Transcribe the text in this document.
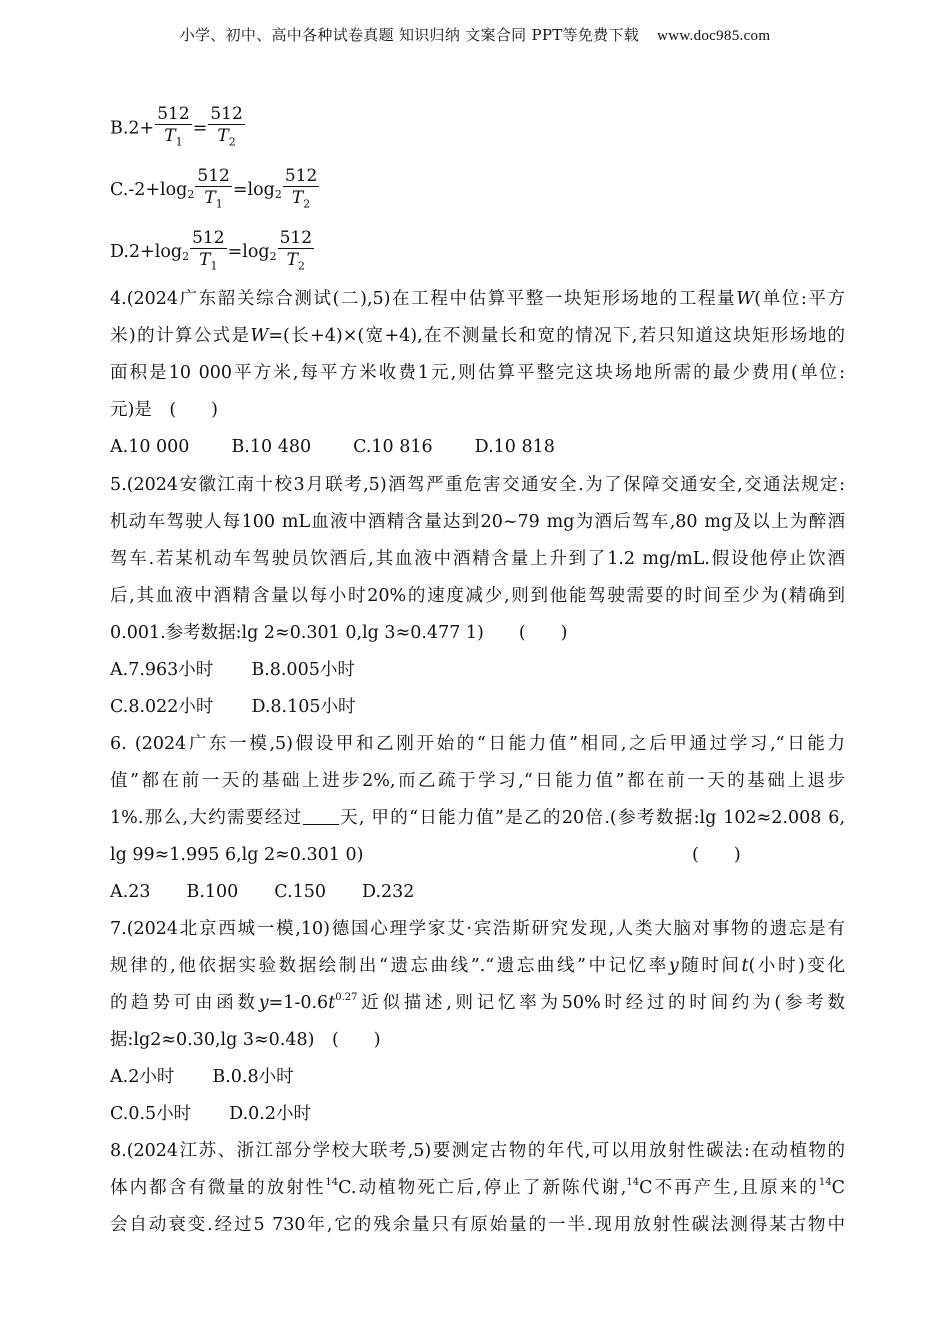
小学、初中、高中各种试卷真题 知识归纳 文案合同 PPT等免费下载 www.doc985.com
$B.2+ \frac{512}{T_1} = \frac{512}{T_2}$
$C.-2+\log_2 \frac{512}{T_1} =\log_2 \frac{512}{T_2}$
$D.2+\log_2 \frac{512}{T_1} =\log_2 \frac{512}{T_2}$
4.(2024广东韶关综合测试(二),5)在工程中估算平整一块矩形场地的工程量W(单位:平方
米)的计算公式是W=(长+4)×(宽+4),在不测量长和宽的情况下,若只知道这块矩形场地的
面积是10 000平方米,每平方米收费1元,则估算平整完这块场地所需的最少费用(单位:
元)是　(　　)
A.10 000 B.10 480 C.10 816 D.10 818
5.(2024安徽江南十校3月联考,5)酒驾严重危害交通安全.为了保障交通安全,交通法规定:
机动车驾驶人每100 mL血液中酒精含量达到20~79 mg为酒后驾车,80 mg及以上为醉酒
驾车.若某机动车驾驶员饮酒后,其血液中酒精含量上升到了1.2 mg/mL.假设他停止饮酒
后,其血液中酒精含量以每小时20%的速度减少,则到他能驾驶需要的时间至少为(精确到
0.001.参考数据:lg 2≈0.301 0,lg 3≈0.477 1)　　(　　)
A.7.963小时 B.8.005小时
C.8.022小时 D.8.105小时
6. (2024广东一模,5)假设甲和乙刚开始的“日能力值”相同,之后甲通过学习,“日能力
值”都在前一天的基础上进步2%,而乙疏于学习,“日能力值”都在前一天的基础上退步
1%.那么,大约需要经过 天, 甲的“日能力值”是乙的20倍.(参考数据:lg 102≈2.008 6,
lg 99≈1.995 6,lg 2≈0.301 0)	(　　)
A.23 B.100 C.150 D.232
7.(2024北京西城一模,10)德国心理学家艾·宾浩斯研究发现,人类大脑对事物的遗忘是有
规律的,他依据实验数据绘制出“遗忘曲线”.“遗忘曲线”中记忆率y随时间t(小时)变化
的趋势可由函数$y=1-0.6t^{0.27}$近似描述,则记忆率为50%时经过的时间约为(参考数
据:lg2≈0.30,lg 3≈0.48)　(　　)
A.2小时 B.0.8小时
C.0.5小时 D.0.2小时
8.(2024江苏、浙江部分学校大联考,5)要测定古物的年代,可以用放射性碳法:在动植物的
体内都含有微量的放射性$^{14}$C.动植物死亡后,停止了新陈代谢,$^{14}$C不再产生,且原来的$^{14}$C
会自动衰变.经过5 730年,它的残余量只有原始量的一半.现用放射性碳法测得某古物中
